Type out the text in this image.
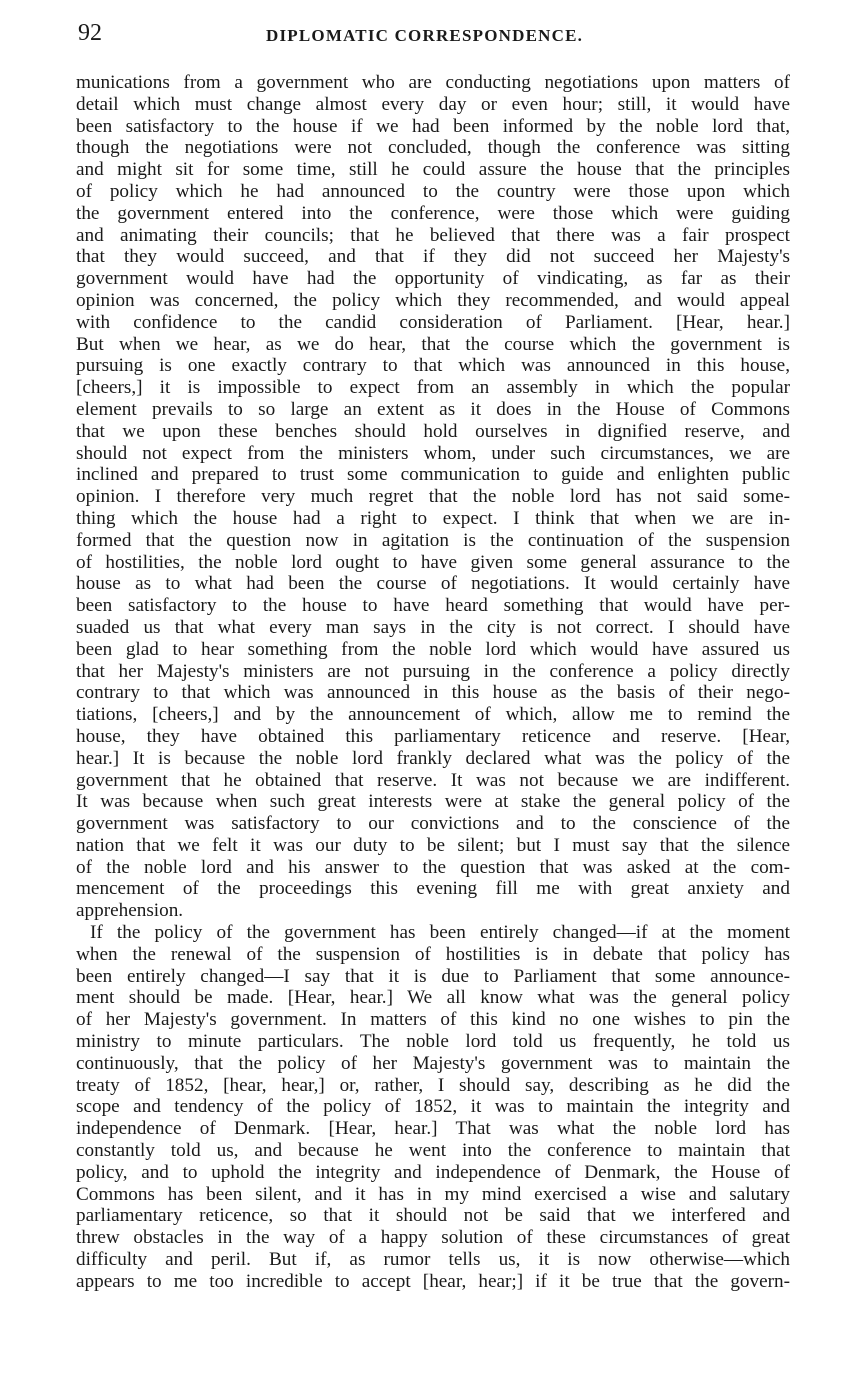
92	DIPLOMATIC CORRESPONDENCE.
munications from a government who are conducting negotiations upon matters of
detail which must change almost every day or even hour; still, it would have
been satisfactory to the house if we had been informed by the noble lord that,
though the negotiations were not concluded, though the conference was sitting
and might sit for some time, still he could assure the house that the principles
of policy which he had announced to the country were those upon which
the government entered into the conference, were those which were guiding
and animating their councils; that he believed that there was a fair prospect
that they would succeed, and that if they did not succeed her Majesty's
government would have had the opportunity of vindicating, as far as their
opinion was concerned, the policy which they recommended, and would appeal
with confidence to the candid consideration of Parliament. [Hear, hear.]
But when we hear, as we do hear, that the course which the government is
pursuing is one exactly contrary to that which was announced in this house,
[cheers,] it is impossible to expect from an assembly in which the popular
element prevails to so large an extent as it does in the House of Commons
that we upon these benches should hold ourselves in dignified reserve, and
should not expect from the ministers whom, under such circumstances, we are
inclined and prepared to trust some communication to guide and enlighten public
opinion. I therefore very much regret that the noble lord has not said some-
thing which the house had a right to expect. I think that when we are in-
formed that the question now in agitation is the continuation of the suspension
of hostilities, the noble lord ought to have given some general assurance to the
house as to what had been the course of negotiations. It would certainly have
been satisfactory to the house to have heard something that would have per-
suaded us that what every man says in the city is not correct. I should have
been glad to hear something from the noble lord which would have assured us
that her Majesty's ministers are not pursuing in the conference a policy directly
contrary to that which was announced in this house as the basis of their nego-
tiations, [cheers,] and by the announcement of which, allow me to remind the
house, they have obtained this parliamentary reticence and reserve. [Hear,
hear.] It is because the noble lord frankly declared what was the policy of the
government that he obtained that reserve. It was not because we are indifferent.
It was because when such great interests were at stake the general policy of the
government was satisfactory to our convictions and to the conscience of the
nation that we felt it was our duty to be silent; but I must say that the silence
of the noble lord and his answer to the question that was asked at the com-
mencement of the proceedings this evening fill me with great anxiety and
apprehension.
If the policy of the government has been entirely changed—if at the moment
when the renewal of the suspension of hostilities is in debate that policy has
been entirely changed—I say that it is due to Parliament that some announce-
ment should be made. [Hear, hear.] We all know what was the general policy
of her Majesty's government. In matters of this kind no one wishes to pin the
ministry to minute particulars. The noble lord told us frequently, he told us
continuously, that the policy of her Majesty's government was to maintain the
treaty of 1852, [hear, hear,] or, rather, I should say, describing as he did the
scope and tendency of the policy of 1852, it was to maintain the integrity and
independence of Denmark. [Hear, hear.] That was what the noble lord has
constantly told us, and because he went into the conference to maintain that
policy, and to uphold the integrity and independence of Denmark, the House of
Commons has been silent, and it has in my mind exercised a wise and salutary
parliamentary reticence, so that it should not be said that we interfered and
threw obstacles in the way of a happy solution of these circumstances of great
difficulty and peril. But if, as rumor tells us, it is now otherwise—which
appears to me too incredible to accept [hear, hear;] if it be true that the govern-
